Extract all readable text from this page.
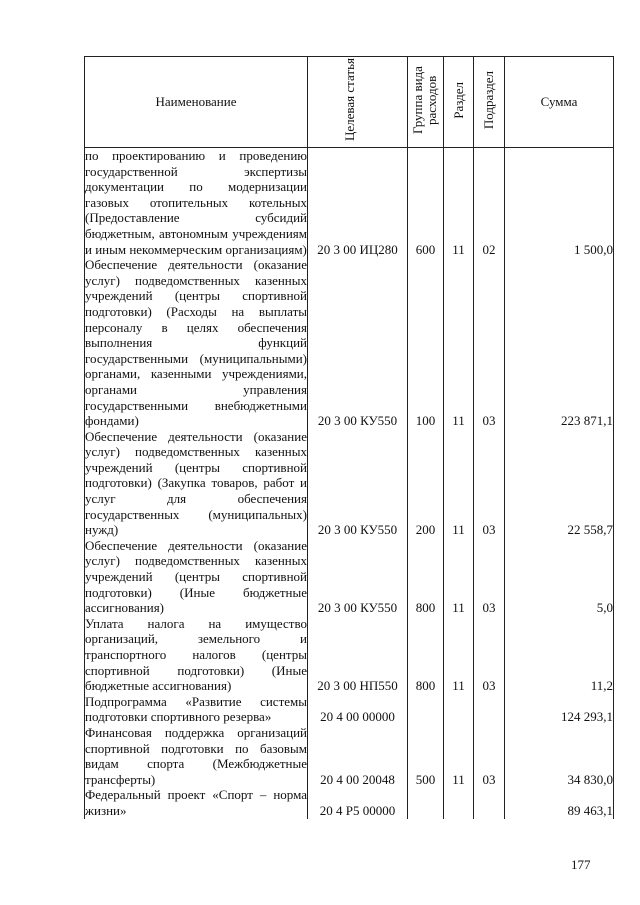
Наименование	Целевая статья	Группа вида расходов	Раздел	Подраздел	Сумма
по проектированию и проведению государственной экспертизы документации по модернизации газовых отопительных котельных (Предоставление субсидий бюджетным, автономным учреждениям и иным некоммерческим организациям)	20 3 00 ИЦ280	600	11	02	1 500,0
Обеспечение деятельности (оказание услуг) подведомственных казенных учреждений (центры спортивной подготовки) (Расходы на выплаты персоналу в целях обеспечения выполнения функций государственными (муниципальными) органами, казенными учреждениями, органами управления государственными внебюджетными фондами)	20 3 00 КУ550	100	11	03	223 871,1
Обеспечение деятельности (оказание услуг) подведомственных казенных учреждений (центры спортивной подготовки) (Закупка товаров, работ и услуг для обеспечения государственных (муниципальных) нужд)	20 3 00 КУ550	200	11	03	22 558,7
Обеспечение деятельности (оказание услуг) подведомственных казенных учреждений (центры спортивной подготовки) (Иные бюджетные ассигнования)	20 3 00 КУ550	800	11	03	5,0
Уплата налога на имущество организаций, земельного и транспортного налогов (центры спортивной подготовки) (Иные бюджетные ассигнования)	20 3 00 НП550	800	11	03	11,2
Подпрограмма «Развитие системы подготовки спортивного резерва»	20 4 00 00000				124 293,1
Финансовая поддержка организаций спортивной подготовки по базовым видам спорта (Межбюджетные трансферты)	20 4 00 20048	500	11	03	34 830,0
Федеральный проект «Спорт – норма жизни»	20 4 P5 00000				89 463,1
177
